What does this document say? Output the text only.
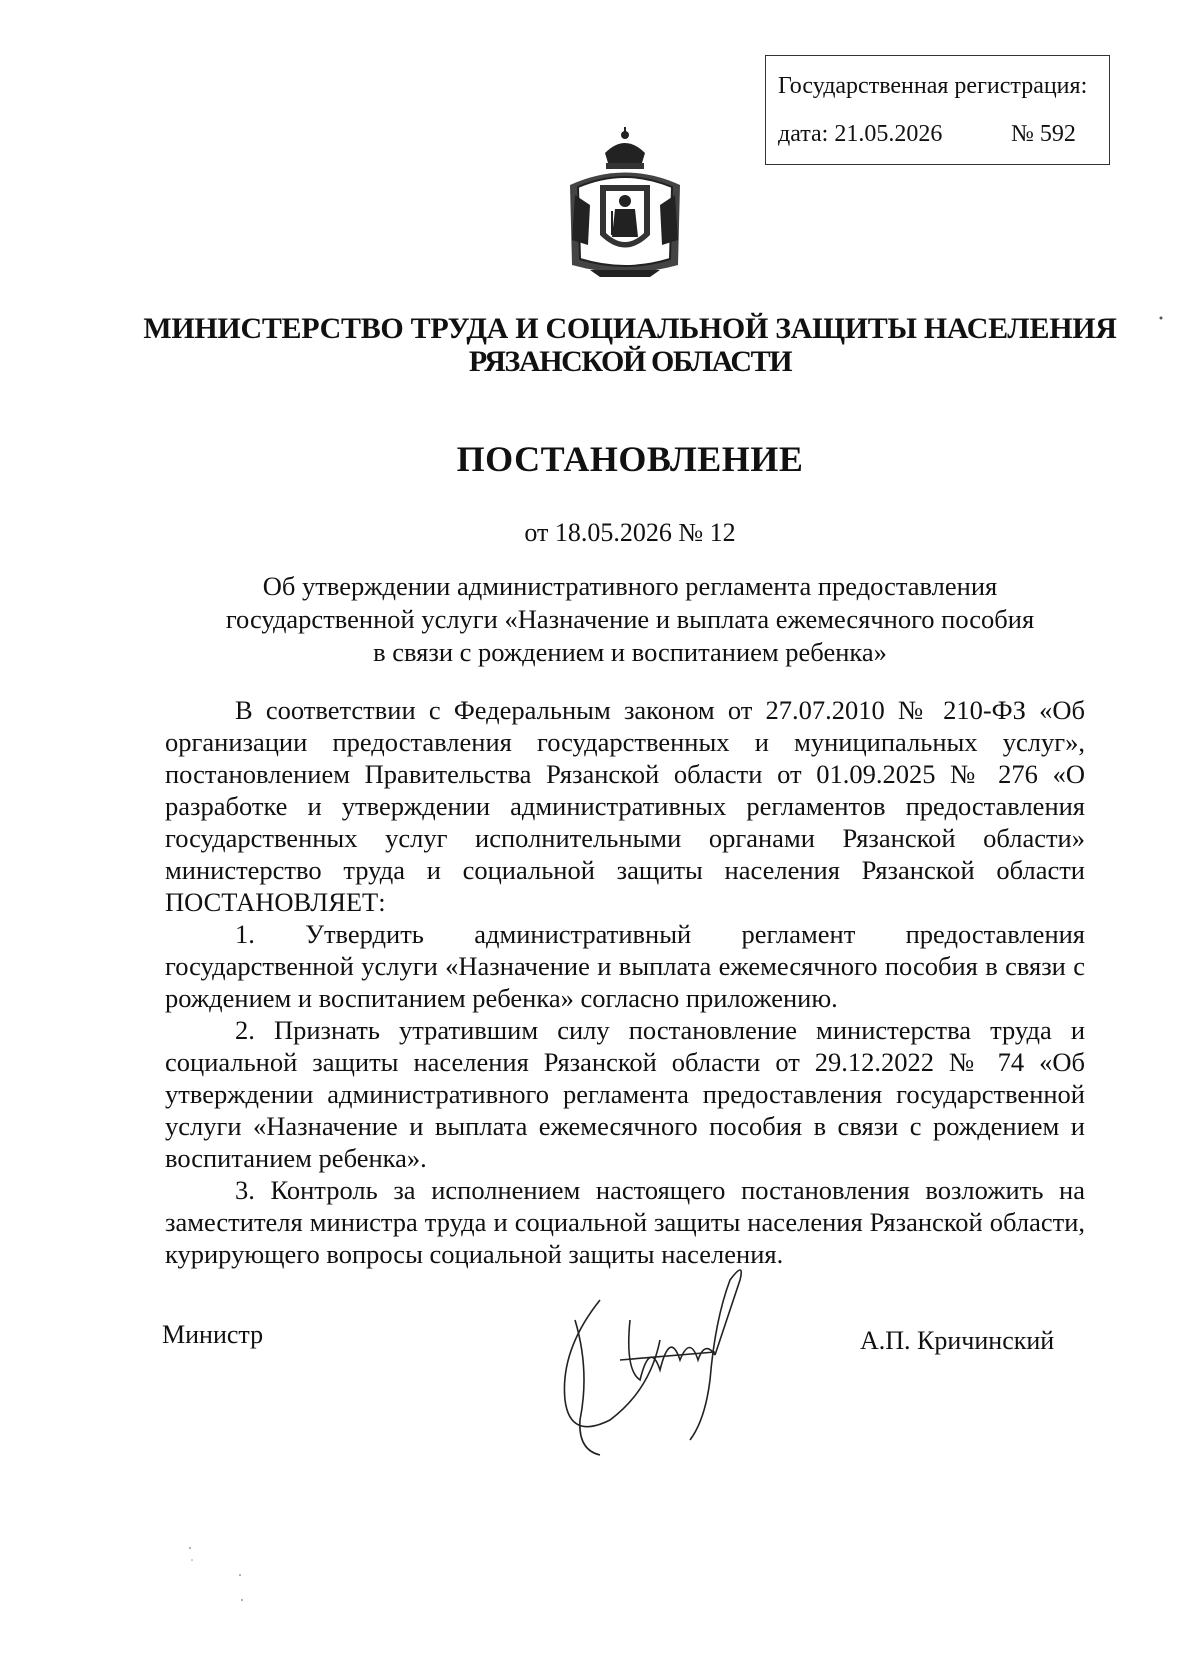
Государственная регистрация:
дата: 21.05.2026	№ 592
МИНИСТЕРСТВО ТРУДА И СОЦИАЛЬНОЙ ЗАЩИТЫ НАСЕЛЕНИЯ
РЯЗАНСКОЙ ОБЛАСТИ
ПОСТАНОВЛЕНИЕ
от 18.05.2026 № 12
Об утверждении административного регламента предоставления
государственной услуги «Назначение и выплата ежемесячного пособия
в связи с рождением и воспитанием ребенка»

В соответствии с Федеральным законом от 27.07.2010 № 210-ФЗ «Об организации предоставления государственных и муниципальных услуг», постановлением Правительства Рязанской области от 01.09.2025 № 276 «О разработке и утверждении административных регламентов предоставления государственных услуг исполнительными органами Рязанской области» министерство труда и социальной защиты населения Рязанской области ПОСТАНОВЛЯЕТ:

1. Утвердить административный регламент предоставления государственной услуги «Назначение и выплата ежемесячного пособия в связи с рождением и воспитанием ребенка» согласно приложению.

2. Признать утратившим силу постановление министерства труда и социальной защиты населения Рязанской области от 29.12.2022 № 74 «Об утверждении административного регламента предоставления государственной услуги «Назначение и выплата ежемесячного пособия в связи с рождением и воспитанием ребенка».

3. Контроль за исполнением настоящего постановления возложить на заместителя министра труда и социальной защиты населения Рязанской области, курирующего вопросы социальной защиты населения.

Министр	А.П. Кричинский
